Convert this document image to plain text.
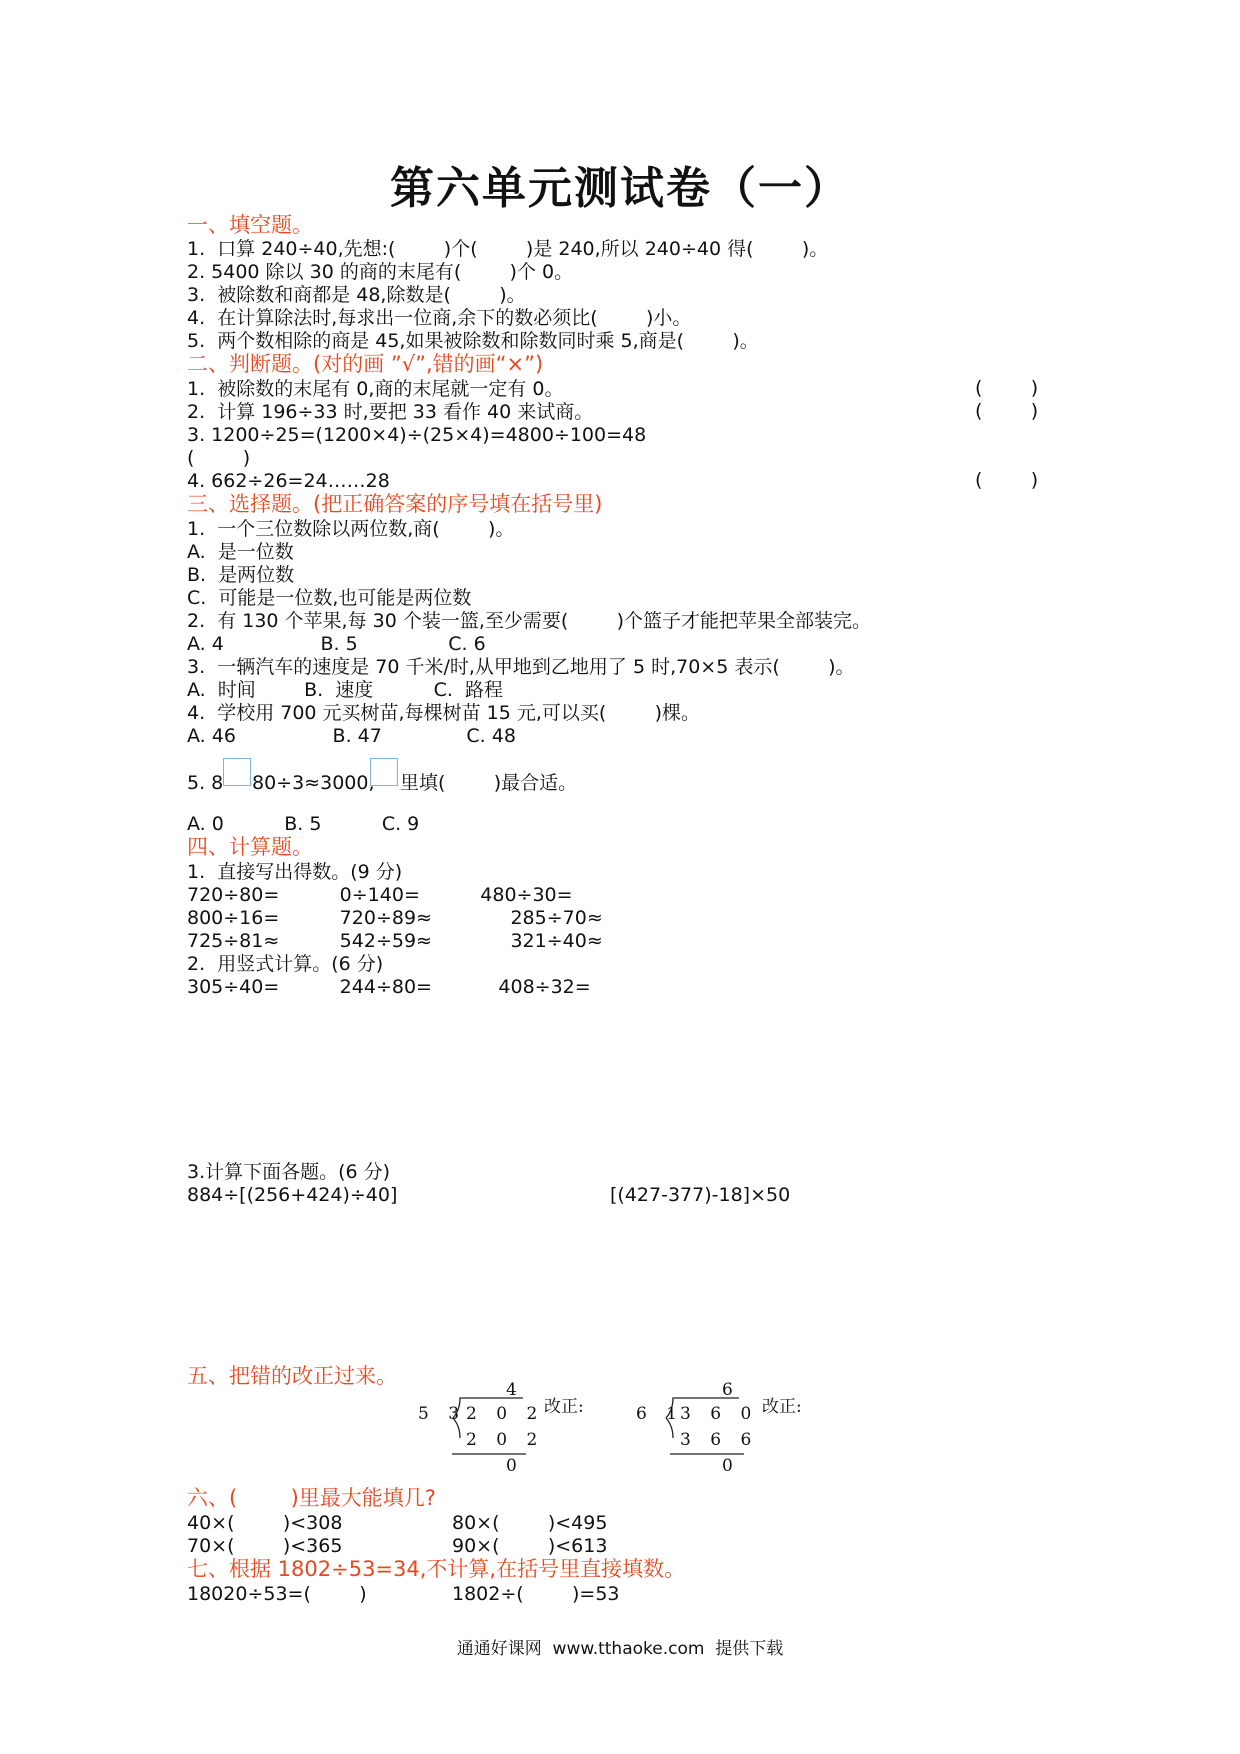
第六单元测试卷（一）
一、填空题。
1.  口算 240÷40,先想:(        )个(        )是 240,所以 240÷40 得(        )。
2. 5400 除以 30 的商的末尾有(        )个 0。
3.  被除数和商都是 48,除数是(        )。
4.  在计算除法时,每求出一位商,余下的数必须比(        )小。
5.  两个数相除的商是 45,如果被除数和除数同时乘 5,商是(        )。
二、判断题。(对的画 ”√”,错的画“×”)
1.  被除数的末尾有 0,商的末尾就一定有 0。	(        )
2.  计算 196÷33 时,要把 33 看作 40 来试商。	(        )
3. 1200÷25=(1200×4)÷(25×4)=4800÷100=48
(        )
4. 662÷26=24……28	(        )
三、选择题。(把正确答案的序号填在括号里)
1.  一个三位数除以两位数,商(        )。
A.  是一位数
B.  是两位数
C.  可能是一位数,也可能是两位数
2.  有 130 个苹果,每 30 个装一篮,至少需要(        )个篮子才能把苹果全部装完。
A. 4                B. 5               C. 6
3.  一辆汽车的速度是 70 千米/时,从甲地到乙地用了 5 时,70×5 表示(        )。
A.  时间        B.  速度          C.  路程
4.  学校用 700 元买树苗,每棵树苗 15 元,可以买(        )棵。
A. 46                B. 47              C. 48
5. 8 80÷3≈3000, 里填(        )最合适。
A. 0          B. 5          C. 9
四、计算题。
1.  直接写出得数。(9 分)
720÷80=          0÷140=          480÷30=
800÷16=          720÷89≈             285÷70≈
725÷81≈          542÷59≈             321÷40≈
2.  用竖式计算。(6 分)
305÷40=          244÷80=           408÷32=
3.计算下面各题。(6 分)
884÷[(256+424)÷40]	[(427-377)-18]×50
五、把错的改正过来。
4
5 3 2 0 2
2 0 2
0
改正:
6
6 1
3 6 0
3 6 6
0
改正:
六、(        )里最大能填几?
40×(        )<308	80×(        )<495
70×(        )<365	90×(        )<613
七、根据 1802÷53=34,不计算,在括号里直接填数。
18020÷53=(        )	1802÷(        )=53
通通好课网  www.tthaoke.com  提供下载
